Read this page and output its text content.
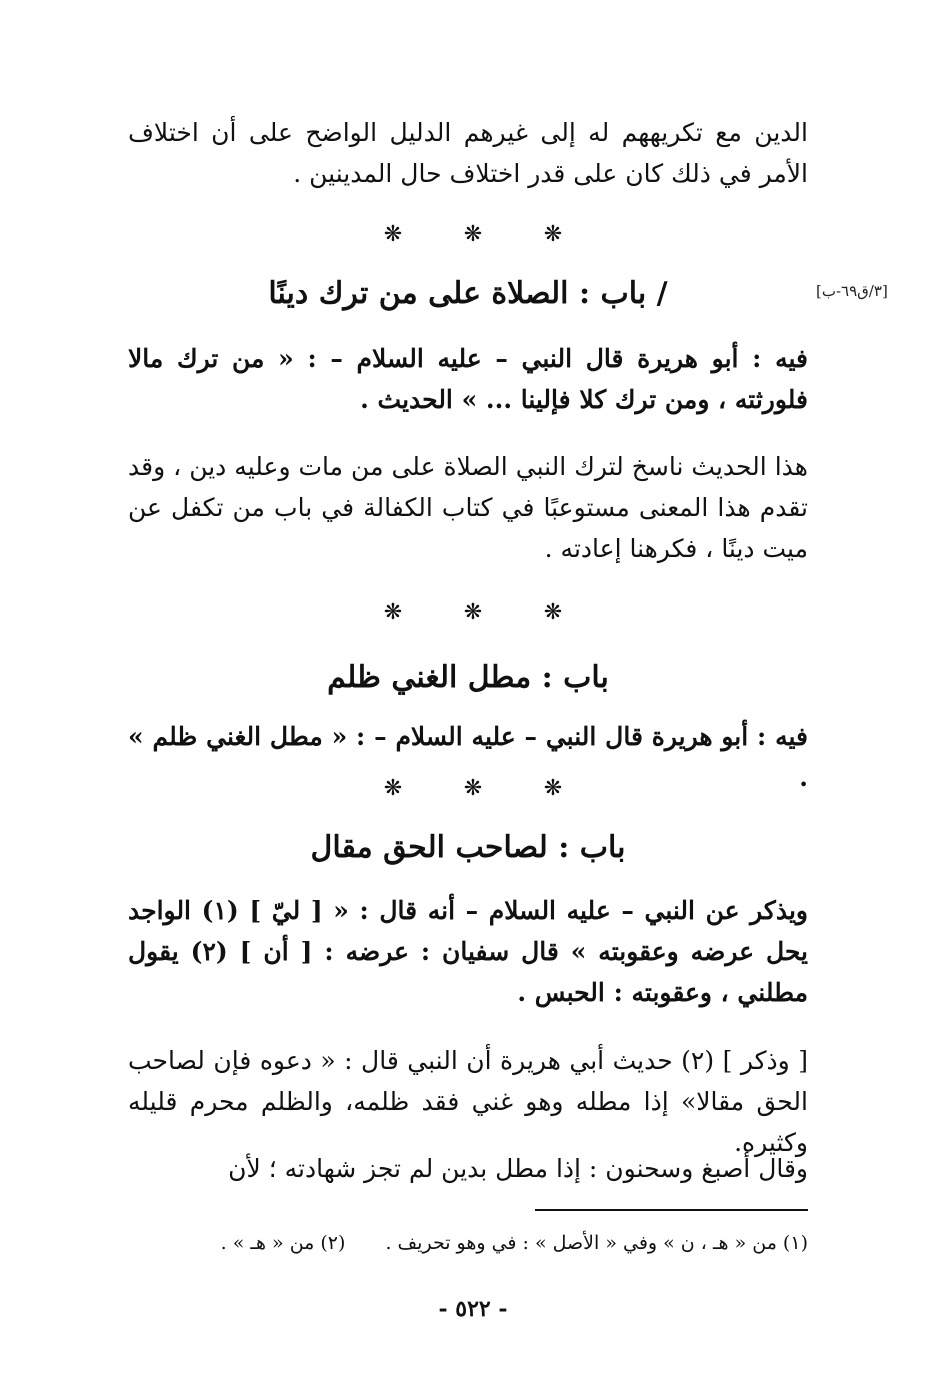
[٣/ق٦٩-ب]
الدين مع تكريههم له إلى غيرهم الدليل الواضح على أن اختلاف الأمر في ذلك كان على قدر اختلاف حال المدينين .
❋	❋	❋
/ باب : الصلاة على من ترك دينًا
فيه : أبو هريرة قال النبي – عليه السلام – : « من ترك مالا فلورثته ، ومن ترك كلا فإلينا ... » الحديث .
هذا الحديث ناسخ لترك النبي الصلاة على من مات وعليه دين ، وقد تقدم هذا المعنى مستوعبًا في كتاب الكفالة في باب من تكفل عن ميت دينًا ، فكرهنا إعادته .
❋	❋	❋
باب : مطل الغني ظلم
فيه : أبو هريرة قال النبي – عليه السلام – : « مطل الغني ظلم » .
❋	❋	❋
باب : لصاحب الحق مقال
ويذكر عن النبي – عليه السلام – أنه قال : « [ ليّ ] (١) الواجد يحل عرضه وعقوبته » قال سفيان : عرضه : [ أن ] (٢) يقول مطلني ، وعقوبته : الحبس .
[ وذكر ] (٢) حديث أبي هريرة أن النبي قال : « دعوه فإن لصاحب الحق مقالا» إذا مطله وهو غني فقد ظلمه، والظلم محرم قليله وكثيره.
وقال أصبغ وسحنون : إذا مطل بدين لم تجز شهادته ؛ لأن
(١) من « هـ ، ن » وفي « الأصل » : في وهو تحريف .(٢) من « هـ » .
- ٥٢٢ -
